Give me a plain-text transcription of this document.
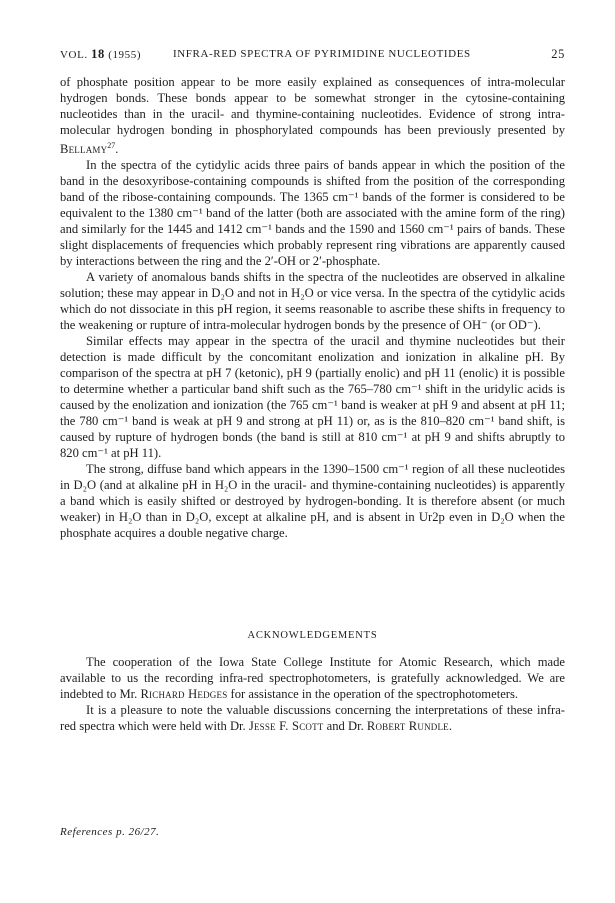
VOL. 18 (1955)	INFRA-RED SPECTRA OF PYRIMIDINE NUCLEOTIDES	25

of phosphate position appear to be more easily explained as consequences of intra-molecular hydrogen bonds. These bonds appear to be somewhat stronger in the cytosine-containing nucleotides than in the uracil- and thymine-containing nucleotides. Evidence of strong intra-molecular hydrogen bonding in phosphorylated compounds has been previously presented by Bellamy$^{27}$.

In the spectra of the cytidylic acids three pairs of bands appear in which the position of the band in the desoxyribose-containing compounds is shifted from the position of the corresponding band of the ribose-containing compounds. The 1365 cm⁻¹ bands of the former is considered to be equivalent to the 1380 cm⁻¹ band of the latter (both are associated with the amine form of the ring) and similarly for the 1445 and 1412 cm⁻¹ bands and the 1590 and 1560 cm⁻¹ pairs of bands. These slight displacements of frequencies which probably represent ring vibrations are apparently caused by interactions between the ring and the 2′-OH or 2′-phosphate.

A variety of anomalous bands shifts in the spectra of the nucleotides are observed in alkaline solution; these may appear in D₂O and not in H₂O or vice versa. In the spectra of the cytidylic acids which do not dissociate in this pH region, it seems reasonable to ascribe these shifts in frequency to the weakening or rupture of intra-molecular hydrogen bonds by the presence of OH⁻ (or OD⁻).

Similar effects may appear in the spectra of the uracil and thymine nucleotides but their detection is made difficult by the concomitant enolization and ionization in alkaline pH. By comparison of the spectra at pH 7 (ketonic), pH 9 (partially enolic) and pH 11 (enolic) it is possible to determine whether a particular band shift such as the 765–780 cm⁻¹ shift in the uridylic acids is caused by the enolization and ionization (the 765 cm⁻¹ band is weaker at pH 9 and absent at pH 11; the 780 cm⁻¹ band is weak at pH 9 and strong at pH 11) or, as is the 810–820 cm⁻¹ band shift, is caused by rupture of hydrogen bonds (the band is still at 810 cm⁻¹ at pH 9 and shifts abruptly to 820 cm⁻¹ at pH 11).

The strong, diffuse band which appears in the 1390–1500 cm⁻¹ region of all these nucleotides in D₂O (and at alkaline pH in H₂O in the uracil- and thymine-containing nucleotides) is apparently a band which is easily shifted or destroyed by hydrogen-bonding. It is therefore absent (or much weaker) in H₂O than in D₂O, except at alkaline pH, and is absent in Ur2p even in D₂O when the phosphate acquires a double negative charge.

ACKNOWLEDGEMENTS

The cooperation of the Iowa State College Institute for Atomic Research, which made available to us the recording infra-red spectrophotometers, is gratefully acknowledged. We are indebted to Mr. Richard Hedges for assistance in the operation of the spectrophotometers.

It is a pleasure to note the valuable discussions concerning the interpretations of these infra-red spectra which were held with Dr. Jesse F. Scott and Dr. Robert Rundle.

References p. 26/27.
